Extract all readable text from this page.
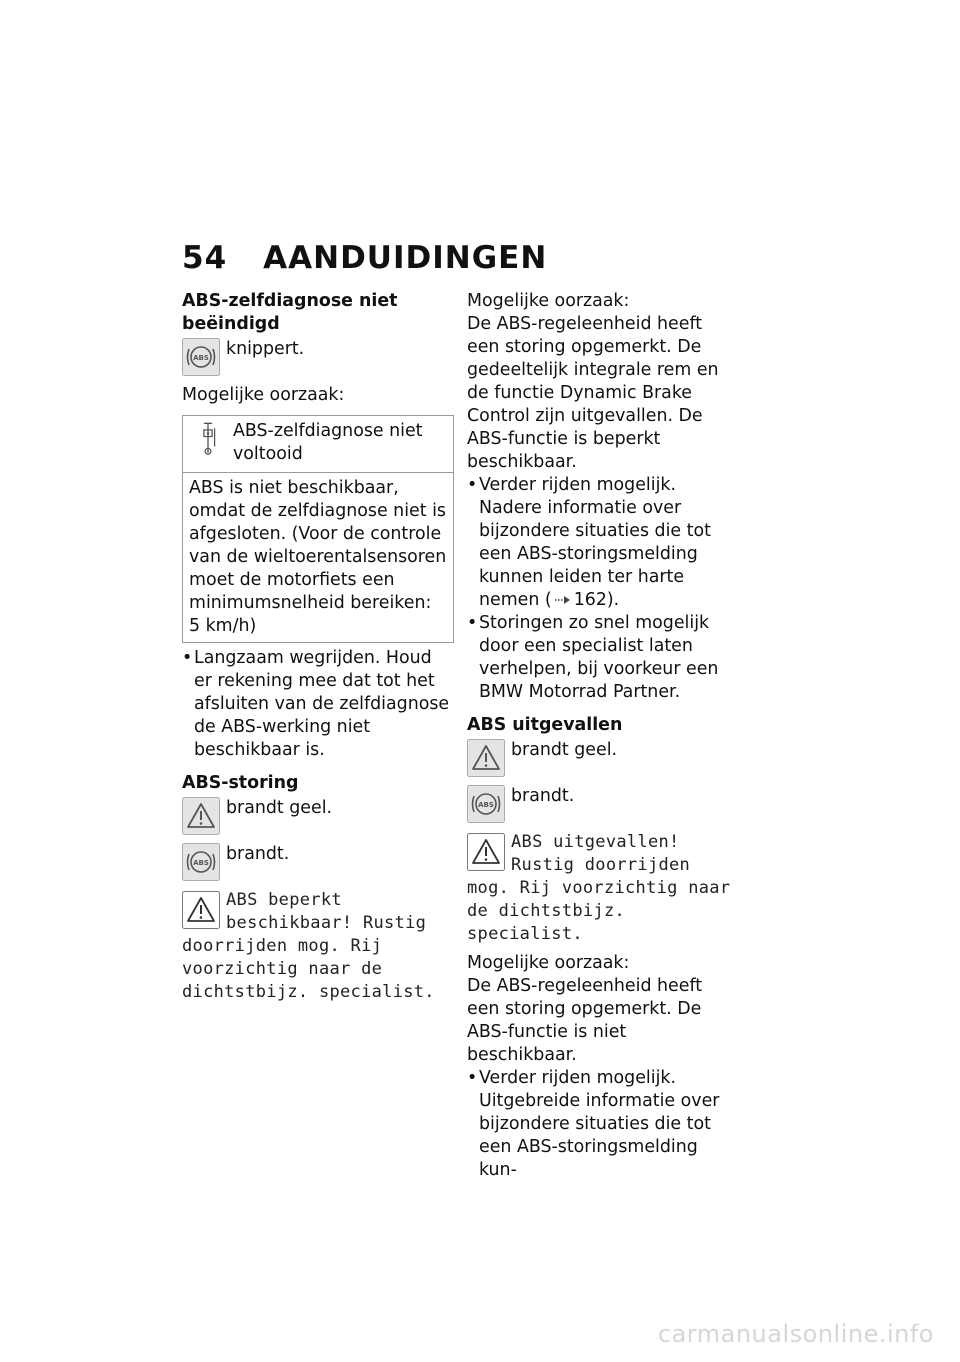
54 AANDUIDINGEN

ABS-zelfdiagnose niet beëindigd

ABS knippert.

Mogelijke oorzaak:

ABS-zelfdiagnose niet voltooid
ABS is niet beschikbaar, omdat de zelfdiagnose niet is afgesloten. (Voor de controle van de wieltoerentalsensoren moet de motorfiets een minimumsnelheid bereiken: 5 km/h)
• Langzaam wegrijden. Houd er rekening mee dat tot het afsluiten van de zelfdiagnose de ABS-werking niet beschikbaar is.

ABS-storing

brandt geel.
ABS brandt.
ABS beperkt beschikbaar! Rustig doorrijden mog. Rij voorzichtig naar de dichtstbijz. specialist.

Mogelijke oorzaak:

De ABS-regeleenheid heeft een storing opgemerkt. De gedeeltelijk integrale rem en de functie Dynamic Brake Control zijn uitgevallen. De ABS-functie is beperkt beschikbaar.

• Verder rijden mogelijk. Nadere informatie over bijzondere situaties die tot een ABS-storingsmelding kunnen leiden ter harte nemen ( 162).
• Storingen zo snel mogelijk door een specialist laten verhelpen, bij voorkeur een BMW Motorrad Partner.

ABS uitgevallen

brandt geel.
ABS brandt.
ABS uitgevallen! Rustig doorrijden mog. Rij voorzichtig naar de dichtstbijz. specialist.

Mogelijke oorzaak:

De ABS-regeleenheid heeft een storing opgemerkt. De ABS-functie is niet beschikbaar.

• Verder rijden mogelijk. Uitgebreide informatie over bijzondere situaties die tot een ABS-storingsmelding kun-
carmanualsonline.info
